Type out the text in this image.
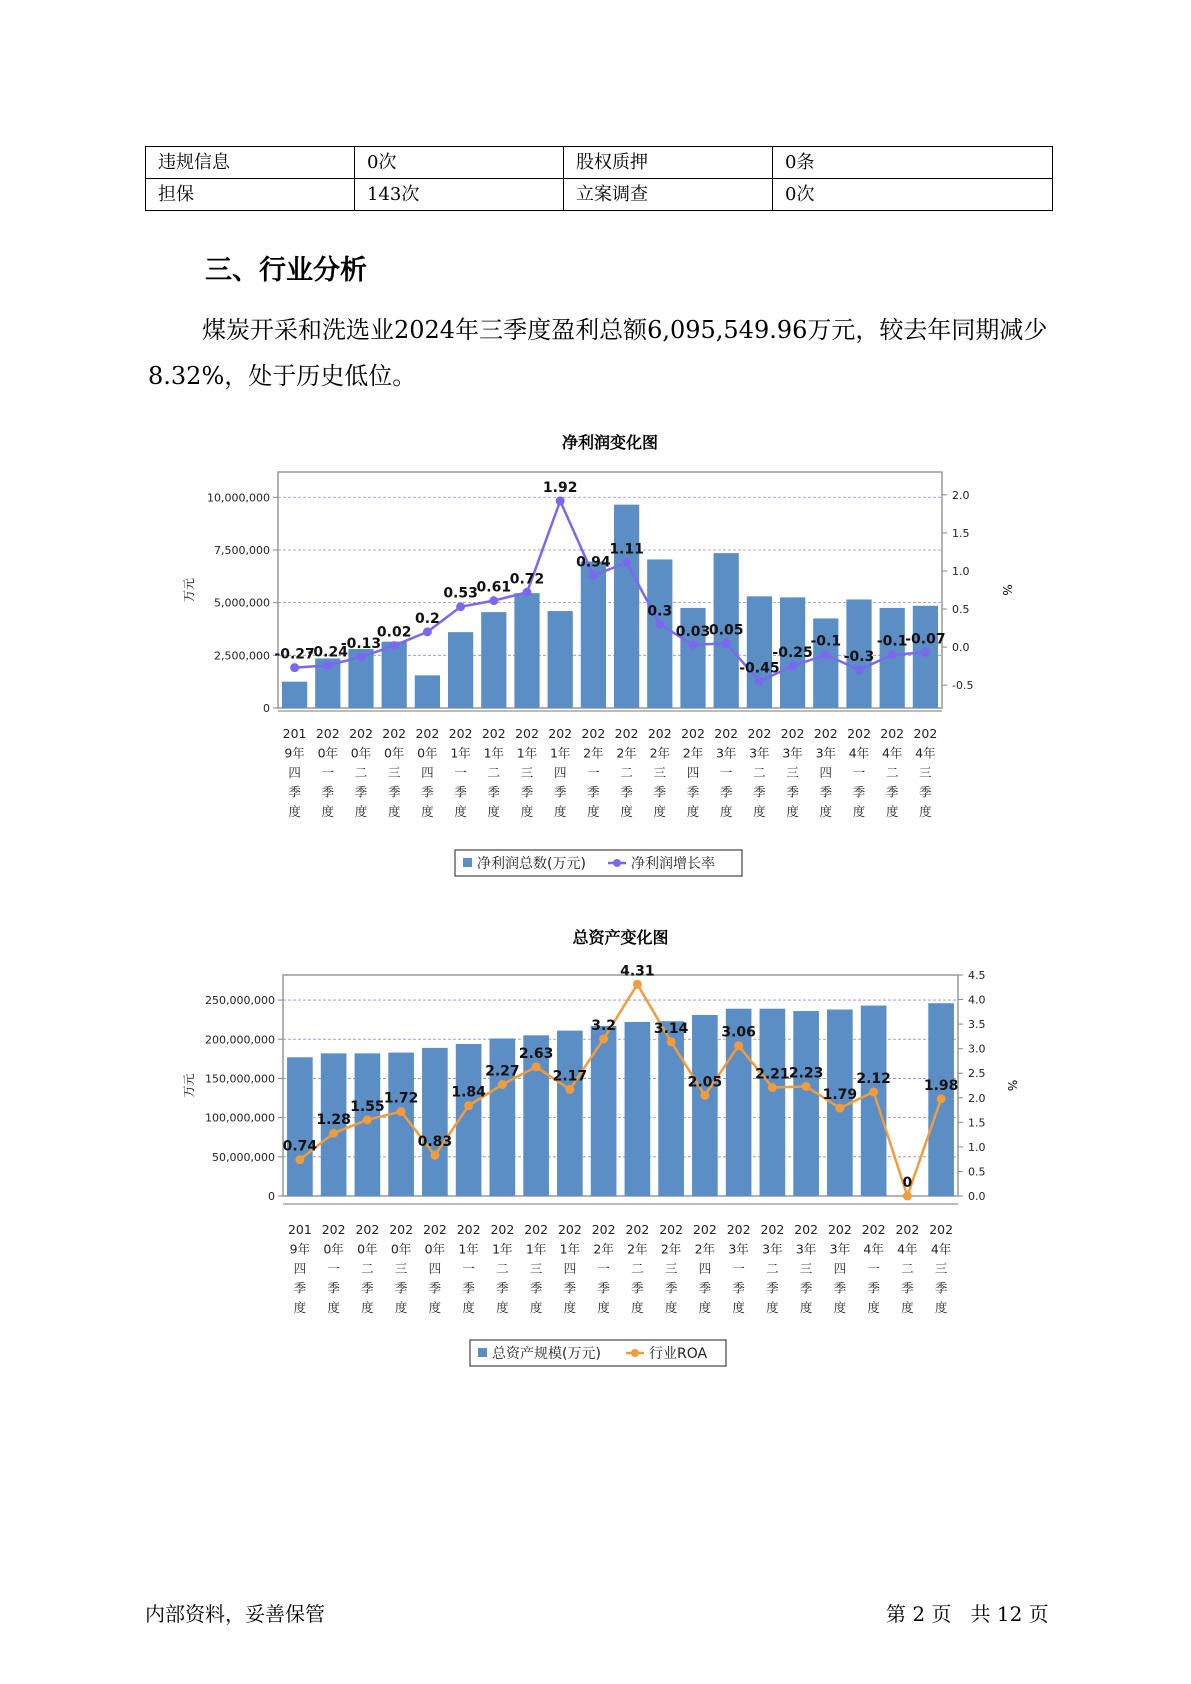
违规信息	0次	股权质押	0条
担保	143次	立案调查	0次
三、行业分析

煤炭开采和洗选业2024年三季度盈利总额6,095,549.96万元，较去年同期减少8.32%，处于历史低位。

净利润变化图
0
2,500,000
5,000,000
7,500,000
10,000,000
-0.5
0.0
0.5
1.0
1.5
2.0
万元	%
201
9年
四
季
度
202
0年
一
季
度
202
0年
二
季
度
202
0年
三
季
度
202
0年
四
季
度
202
1年
一
季
度
202
1年
二
季
度
202
1年
三
季
度
202
1年
四
季
度
202
2年
一
季
度
202
2年
二
季
度
202
2年
三
季
度
202
2年
四
季
度
202
3年
一
季
度
202
3年
二
季
度
202
3年
三
季
度
202
3年
四
季
度
202
4年
一
季
度
202
4年
二
季
度
202
4年
三
季
度
-0.27
-0.24
-0.13
0.02
0.2
0.53
0.61
0.72
1.92
0.94
1.11
0.3
0.03
0.05
-0.45
-0.25
-0.1
-0.3
-0.1
-0.07
净利润总数(万元)	净利润增长率
总资产变化图
0
50,000,000
100,000,000
150,000,000
200,000,000
250,000,000
0.0
0.5
1.0
1.5
2.0
2.5
3.0
3.5
4.0
4.5
万元	%
201
9年
四
季
度
202
0年
一
季
度
202
0年
二
季
度
202
0年
三
季
度
202
0年
四
季
度
202
1年
一
季
度
202
1年
二
季
度
202
1年
三
季
度
202
1年
四
季
度
202
2年
一
季
度
202
2年
二
季
度
202
2年
三
季
度
202
2年
四
季
度
202
3年
一
季
度
202
3年
二
季
度
202
3年
三
季
度
202
3年
四
季
度
202
4年
一
季
度
202
4年
二
季
度
202
4年
三
季
度
0.74
1.28
1.55
1.72
0.83
1.84
2.27
2.63
2.17
3.2
4.31
3.14
2.05
3.06
2.21 2.23
1.79
2.12
0
1.98
总资产规模(万元)	行业ROA
内部资料，妥善保管	第 2 页   共 12 页
